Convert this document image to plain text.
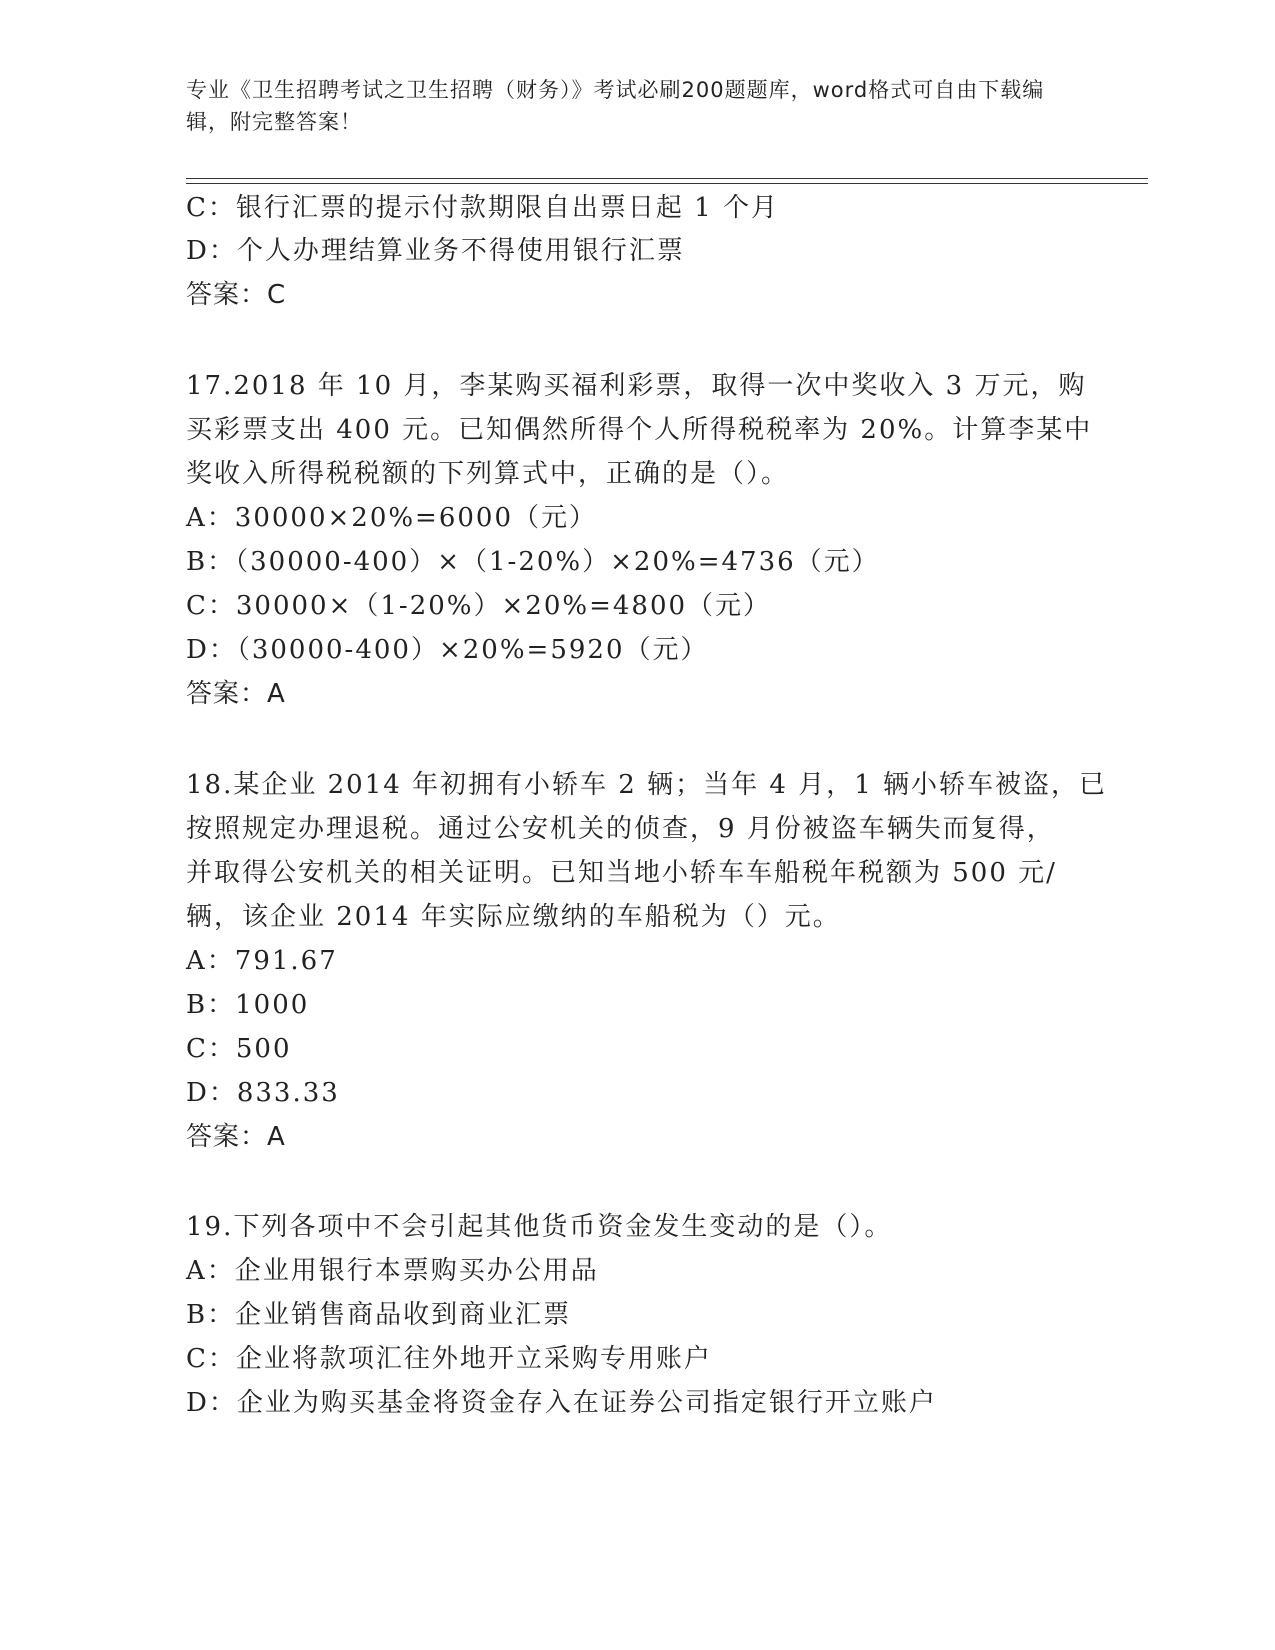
专业《卫生招聘考试之卫生招聘（财务）》考试必刷200题题库，word格式可自由下载编辑，附完整答案！
C：银行汇票的提示付款期限自出票日起 1 个月
D：个人办理结算业务不得使用银行汇票
答案：C
17.2018 年 10 月，李某购买福利彩票，取得一次中奖收入 3 万元，购
买彩票支出 400 元。已知偶然所得个人所得税税率为 20%。计算李某中
奖收入所得税税额的下列算式中，正确的是（）。
A：30000×20%=6000（元）
B：（30000-400）×（1-20%）×20%=4736（元）
C：30000×（1-20%）×20%=4800（元）
D：（30000-400）×20%=5920（元）
答案：A
18.某企业 2014 年初拥有小轿车 2 辆；当年 4 月，1 辆小轿车被盗，已
按照规定办理退税。通过公安机关的侦查，9 月份被盗车辆失而复得，
并取得公安机关的相关证明。已知当地小轿车车船税年税额为 500 元/
辆，该企业 2014 年实际应缴纳的车船税为（）元。
A：791.67
B：1000
C：500
D：833.33
答案：A
19.下列各项中不会引起其他货币资金发生变动的是（）。
A：企业用银行本票购买办公用品
B：企业销售商品收到商业汇票
C：企业将款项汇往外地开立采购专用账户
D：企业为购买基金将资金存入在证券公司指定银行开立账户
